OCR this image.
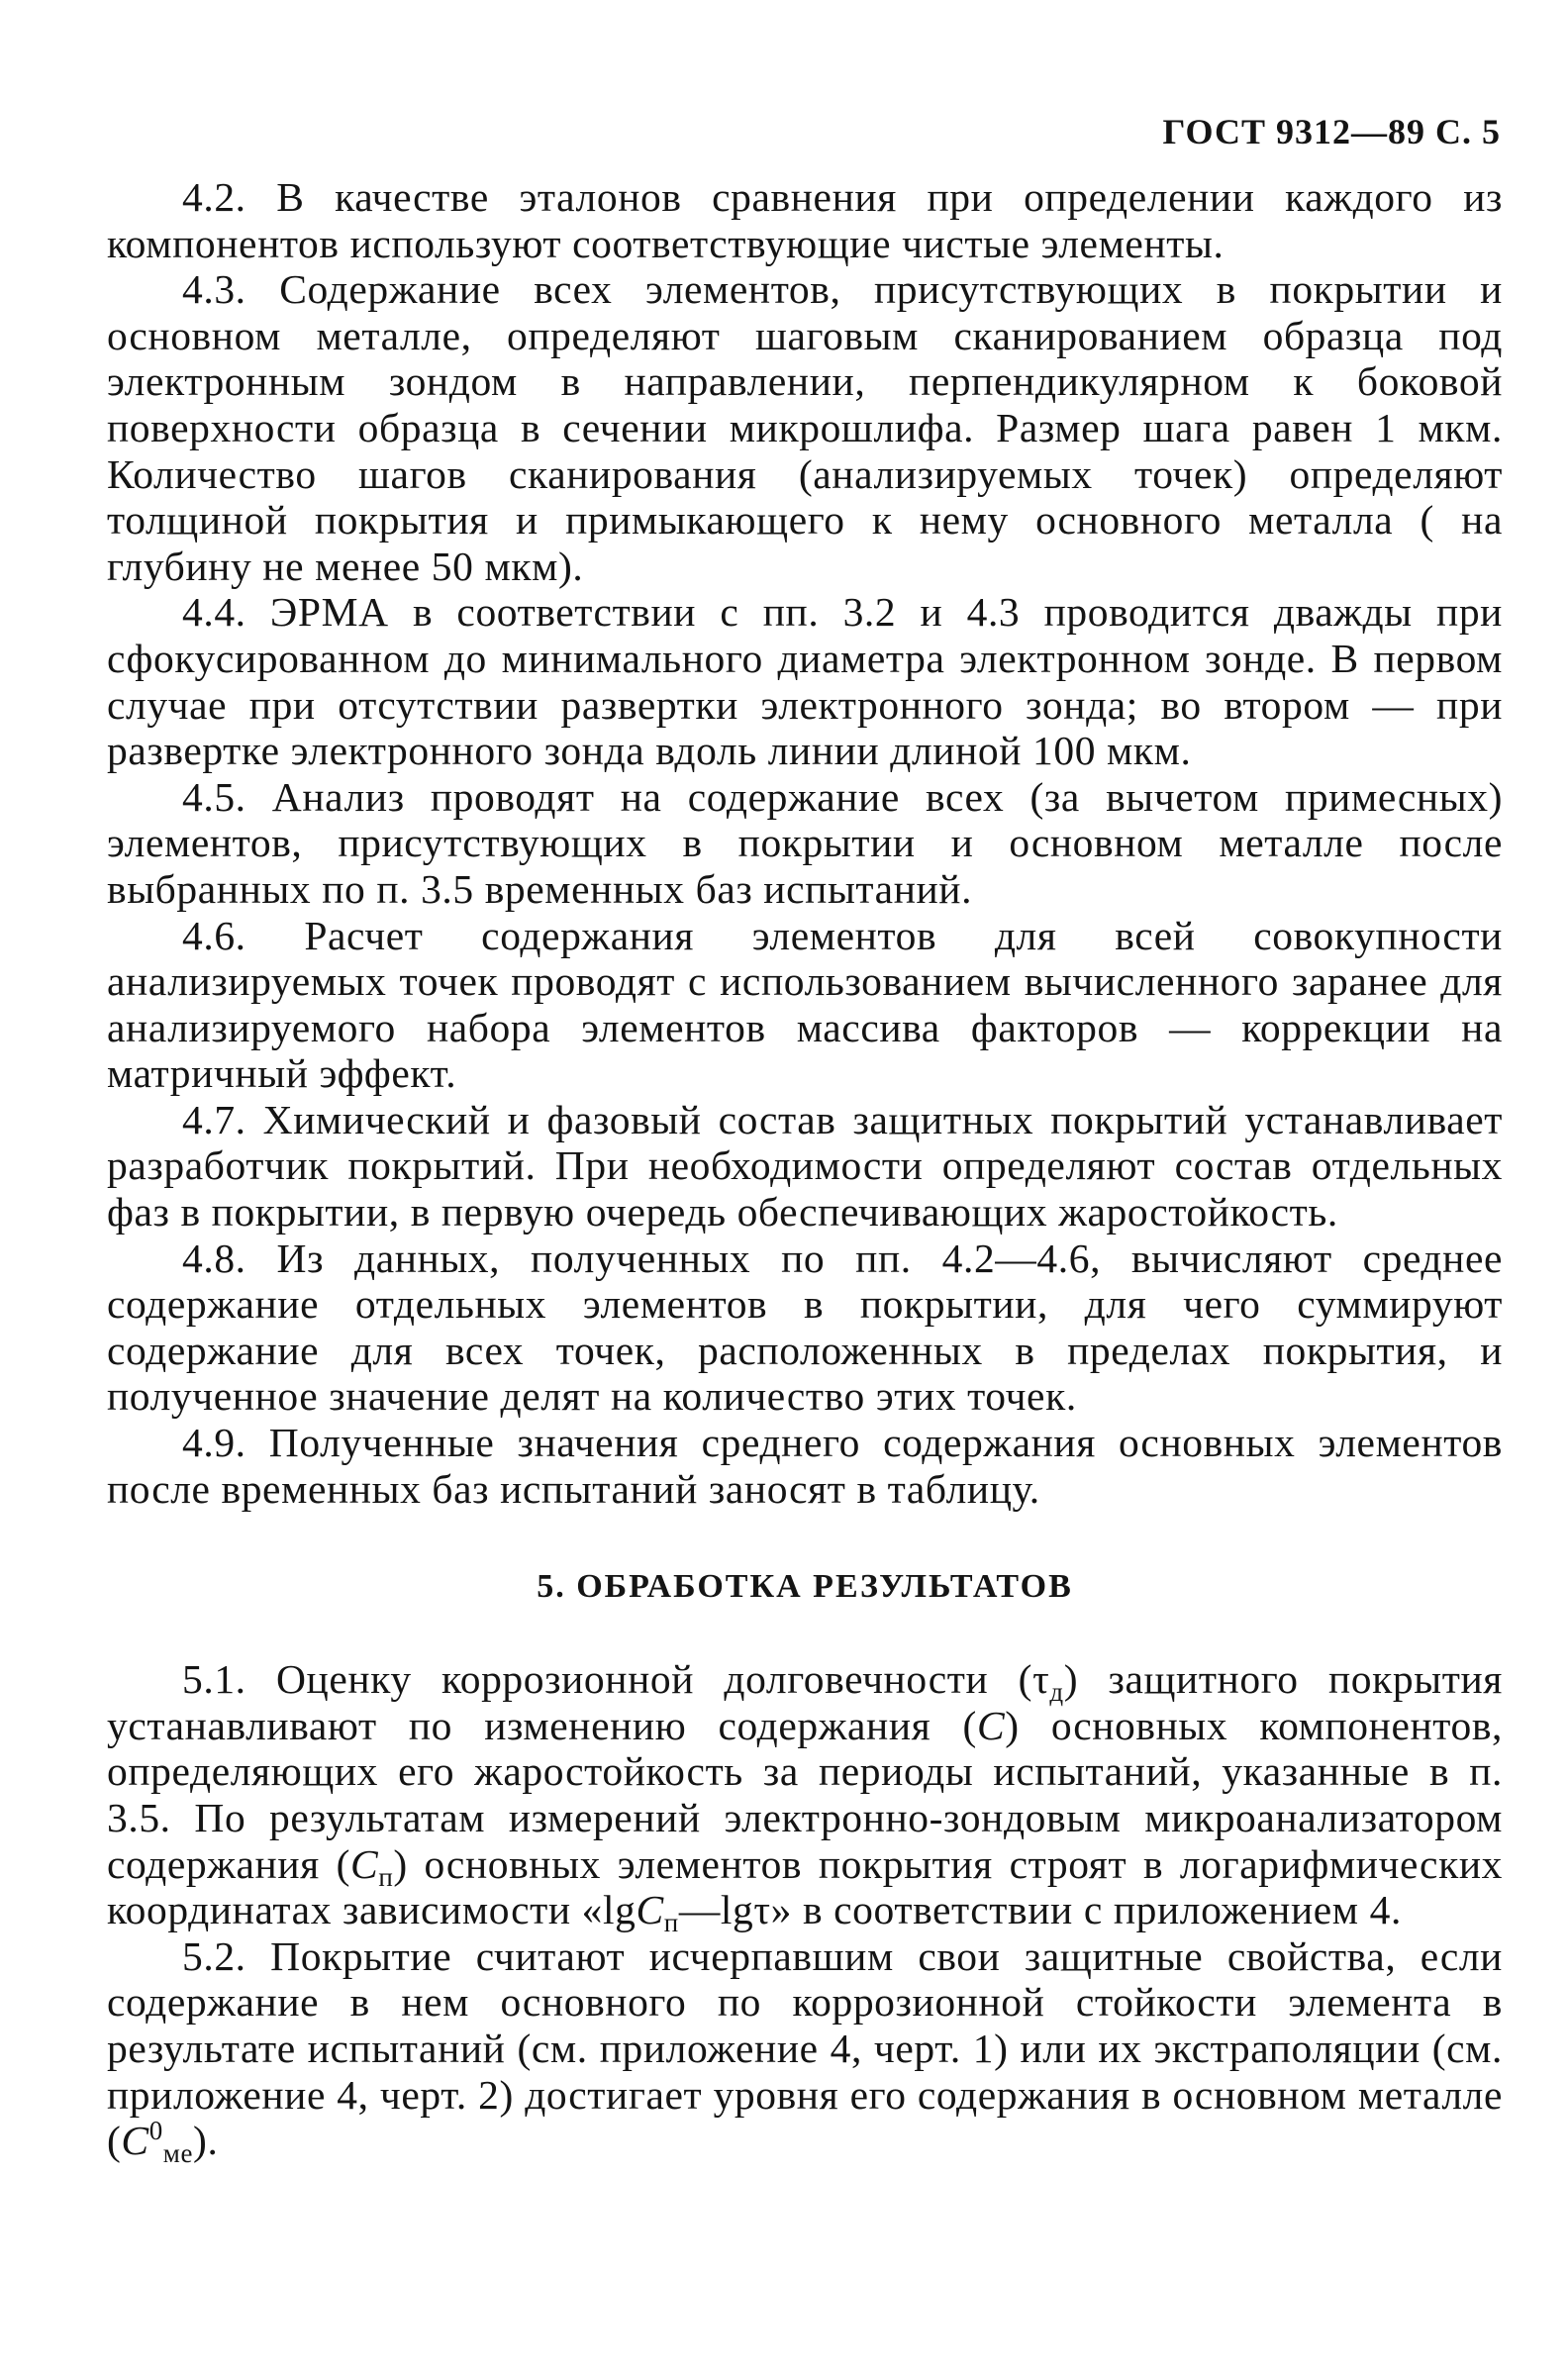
ГОСТ 9312—89 С. 5

4.2. В качестве эталонов сравнения при определении каждого из компонентов используют соответствующие чистые элементы.

4.3. Содержание всех элементов, присутствующих в покрытии и основном металле, определяют шаговым сканированием образца под электронным зондом в направлении, перпендикулярном к боковой поверхности образца в сечении микрошлифа. Размер шага равен 1 мкм. Количество шагов сканирования (анализируемых точек) определяют толщиной покрытия и примыкающего к нему основного металла ( на глубину не менее 50 мкм).

4.4. ЭРМА в соответствии с пп. 3.2 и 4.3 проводится дважды при сфокусированном до минимального диаметра электронном зонде. В первом случае при отсутствии развертки электронного зонда; во втором — при развертке электронного зонда вдоль линии длиной 100 мкм.

4.5. Анализ проводят на содержание всех (за вычетом примесных) элементов, присутствующих в покрытии и основном металле после выбранных по п. 3.5 временных баз испытаний.

4.6. Расчет содержания элементов для всей совокупности анализируемых точек проводят с использованием вычисленного заранее для анализируемого набора элементов массива факторов — коррекции на матричный эффект.

4.7. Химический и фазовый состав защитных покрытий устанавливает разработчик покрытий. При необходимости определяют состав отдельных фаз в покрытии, в первую очередь обеспечивающих жаростойкость.

4.8. Из данных, полученных по пп. 4.2—4.6, вычисляют среднее содержание отдельных элементов в покрытии, для чего суммируют содержание для всех точек, расположенных в пределах покрытия, и полученное значение делят на количество этих точек.

4.9. Полученные значения среднего содержания основных элементов после временных баз испытаний заносят в таблицу.

5. ОБРАБОТКА РЕЗУЛЬТАТОВ

5.1. Оценку коррозионной долговечности $(\tau_д)$ защитного покрытия устанавливают по изменению содержания (C) основных компонентов, определяющих его жаростойкость за периоды испытаний, указанные в п. 3.5. По результатам измерений электронно-зондовым микроанализатором содержания $(C_п)$ основных элементов покрытия строят в логарифмических координатах зависимости «lgC$_п$—lgτ» в соответствии с приложением 4.

5.2. Покрытие считают исчерпавшим свои защитные свойства, если содержание в нем основного по коррозионной стойкости элемента в результате испытаний (см. приложение 4, черт. 1) или их экстраполяции (см. приложение 4, черт. 2) достигает уровня его содержания в основном металле $(C^0_{ме})$.
